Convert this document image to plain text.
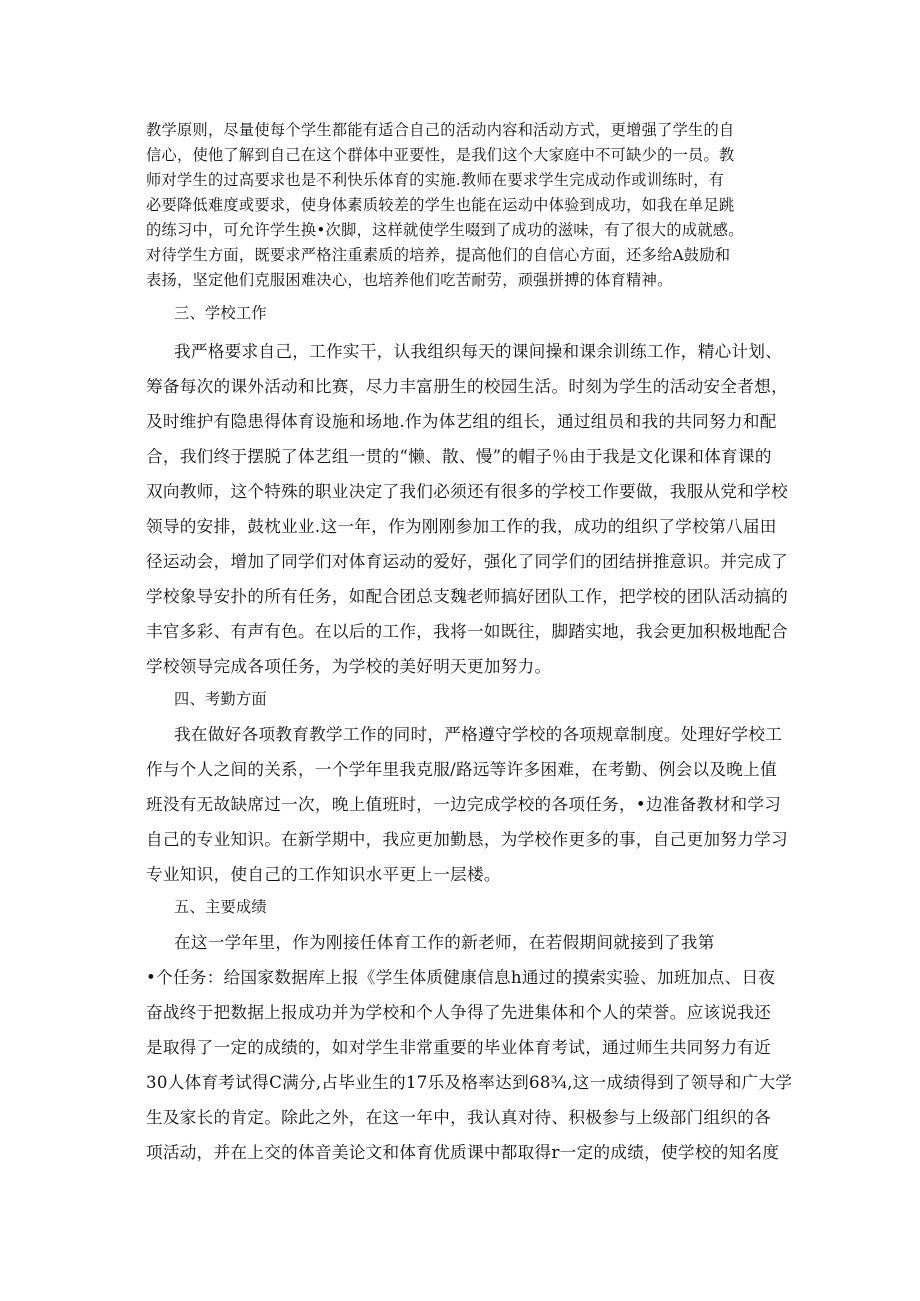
教学原则，尽量使每个学生都能有适合自己的活动内容和活动方式，更增强了学生的自
信心，使他了解到自己在这个群体中亚要性，是我们这个大家庭中不可缺少的一员。教
师对学生的过高要求也是不利快乐体育的实施.教师在要求学生完成动作或训练时，有
必要降低难度或要求，使身体素质较差的学生也能在运动中体验到成功，如我在单足跳
的练习中，可允许学生换•次脚，这样就使学生啜到了成功的滋味，有了很大的成就感。
对待学生方面，既要求严格注重素质的培养，提高他们的自信心方面，还多给A鼓励和
表扬，坚定他们克服困难决心，也培养他们吃苦耐劳，顽强拼搏的体育精神。
三、学校工作
我严格要求自己，工作实干，认我组织每天的课间操和课余训练工作，精心计划、
筹备每次的课外活动和比赛，尽力丰富册生的校园生活。时刻为学生的活动安全者想，
及时维护有隐患得体育设施和场地.作为体艺组的组长，通过组员和我的共同努力和配
合，我们终于摆脱了体艺组一贯的“懒、散、慢”的帽子％由于我是文化课和体育课的
双向教师，这个特殊的职业决定了我们必须还有很多的学校工作要做，我服从党和学校
领导的安排，鼓枕业业.这一年，作为刚刚参加工作的我，成功的组织了学校第八届田
径运动会，增加了同学们对体育运动的爱好，强化了同学们的团结拼推意识。并完成了
学校象导安扑的所有任务，如配合团总支魏老师搞好团队工作，把学校的团队活动搞的
丰官多彩、有声有色。在以后的工作，我将一如既往，脚踏实地，我会更加积极地配合
学校领导完成各项任务，为学校的美好明天更加努力。
四、考勤方面
我在做好各项教育教学工作的同时，严格遵守学校的各项规章制度。处理好学校工
作与个人之间的关系，一个学年里我克服/路远等许多困难，在考勤、例会以及晚上值
班没有无故缺席过一次，晚上值班时，一边完成学校的各项任务，•边准备教材和学习
自己的专业知识。在新学期中，我应更加勤恳，为学校作更多的事，自己更加努力学习
专业知识，使自己的工作知识水平更上一层楼。
五、主要成绩
在这一学年里，作为刚接任体育工作的新老师，在若假期间就接到了我第
•个任务：给国家数据库上报《学生体质健康信息h通过的摸索实验、加班加点、日夜
奋战终于把数据上报成功并为学校和个人争得了先进集体和个人的荣誉。应该说我还
是取得了一定的成绩的，如对学生非常重要的毕业体育考试，通过师生共同努力有近
30人体育考试得C满分,占毕业生的17乐及格率达到68¾,这一成绩得到了领导和广大学
生及家长的肯定。除此之外，在这一年中，我认真对待、积极参与上级部门组织的各
项活动，并在上交的体音美论文和体育优质课中都取得r一定的成绩，使学校的知名度
